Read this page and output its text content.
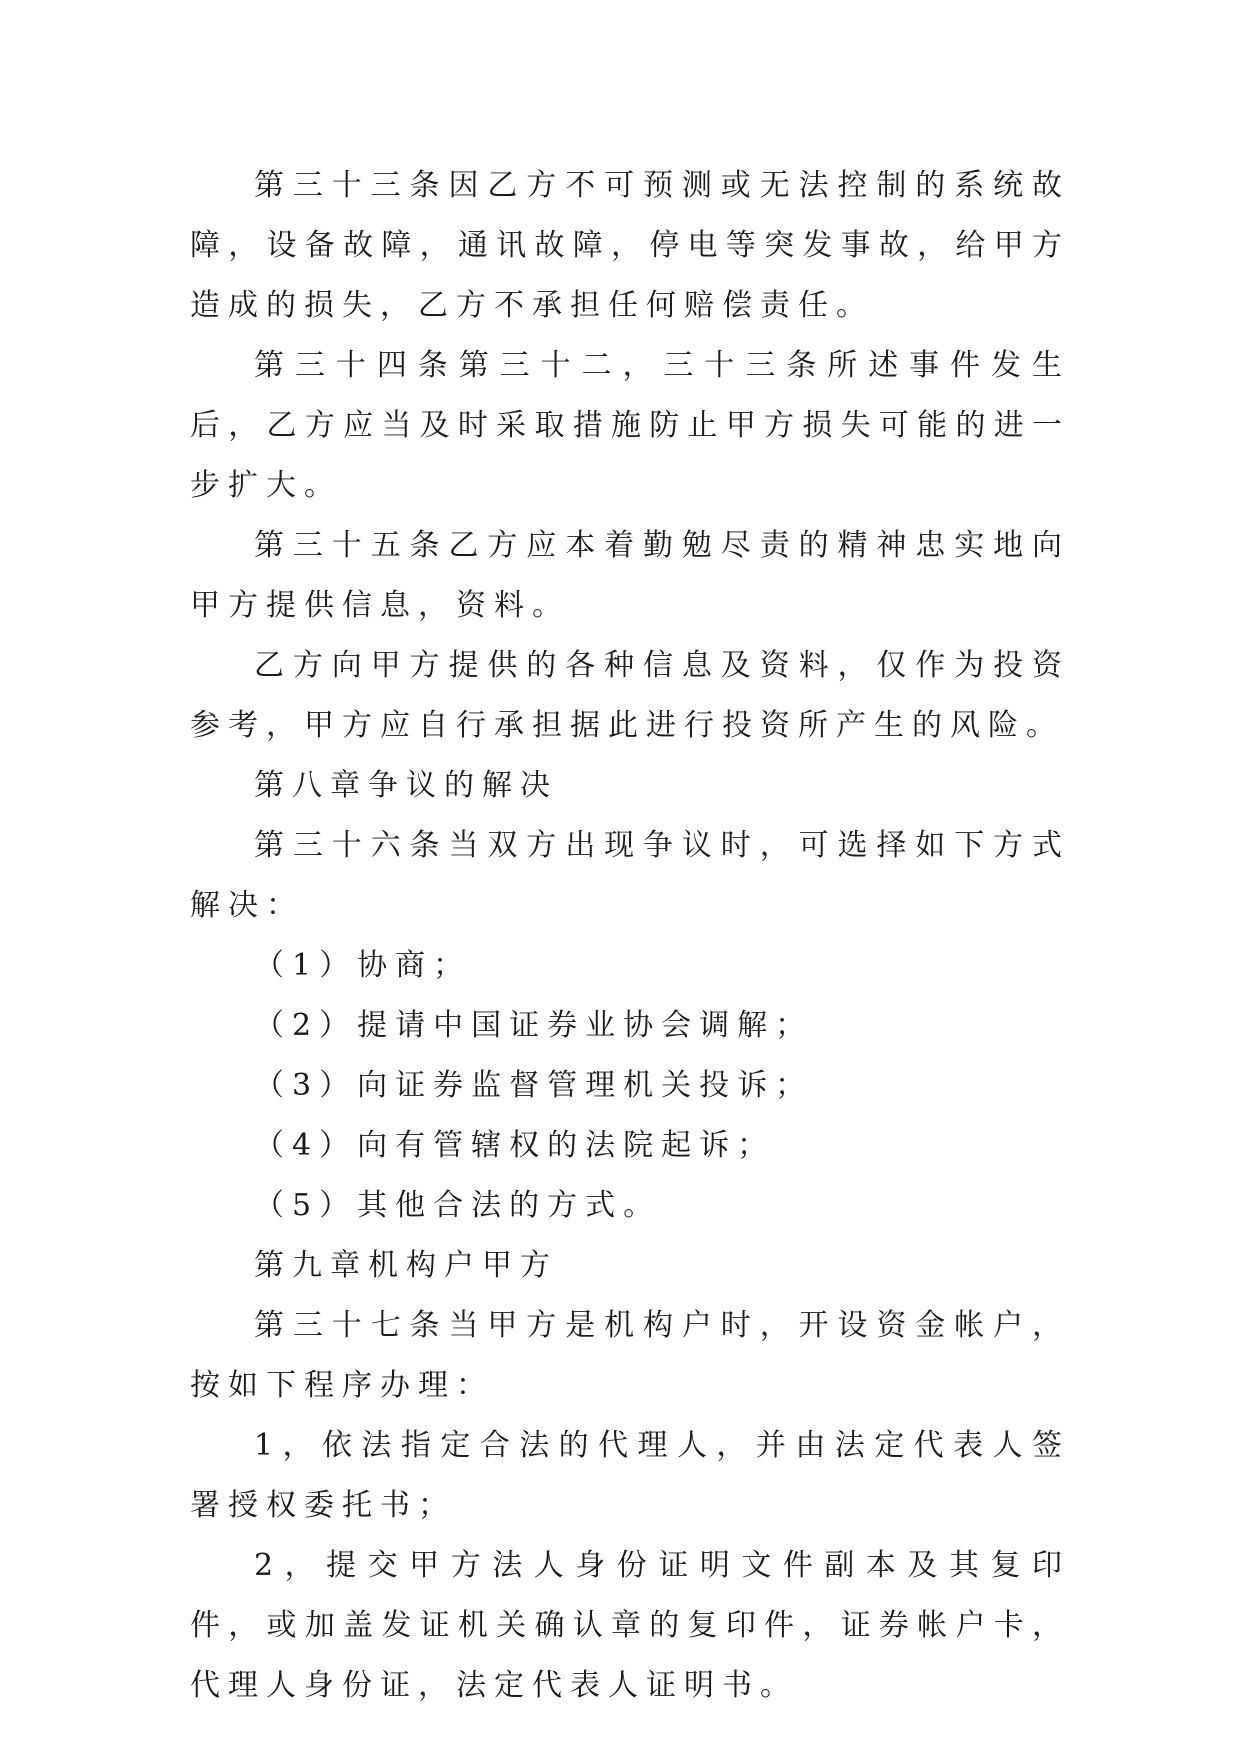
第三十三条因乙方不可预测或无法控制的系统故障，设备故障，通讯故障，停电等突发事故，给甲方造成的损失，乙方不承担任何赔偿责任。

第三十四条第三十二，三十三条所述事件发生后，乙方应当及时采取措施防止甲方损失可能的进一步扩大。

第三十五条乙方应本着勤勉尽责的精神忠实地向甲方提供信息，资料。

乙方向甲方提供的各种信息及资料，仅作为投资参考，甲方应自行承担据此进行投资所产生的风险。

第八章争议的解决

第三十六条当双方出现争议时，可选择如下方式解决：

（1）协商；

（2）提请中国证券业协会调解；

（3）向证券监督管理机关投诉；

（4）向有管辖权的法院起诉；

（5）其他合法的方式。

第九章机构户甲方

第三十七条当甲方是机构户时，开设资金帐户，按如下程序办理：

1，依法指定合法的代理人，并由法定代表人签署授权委托书；

2，提交甲方法人身份证明文件副本及其复印件，或加盖发证机关确认章的复印件，证券帐户卡，代理人身份证，法定代表人证明书。
